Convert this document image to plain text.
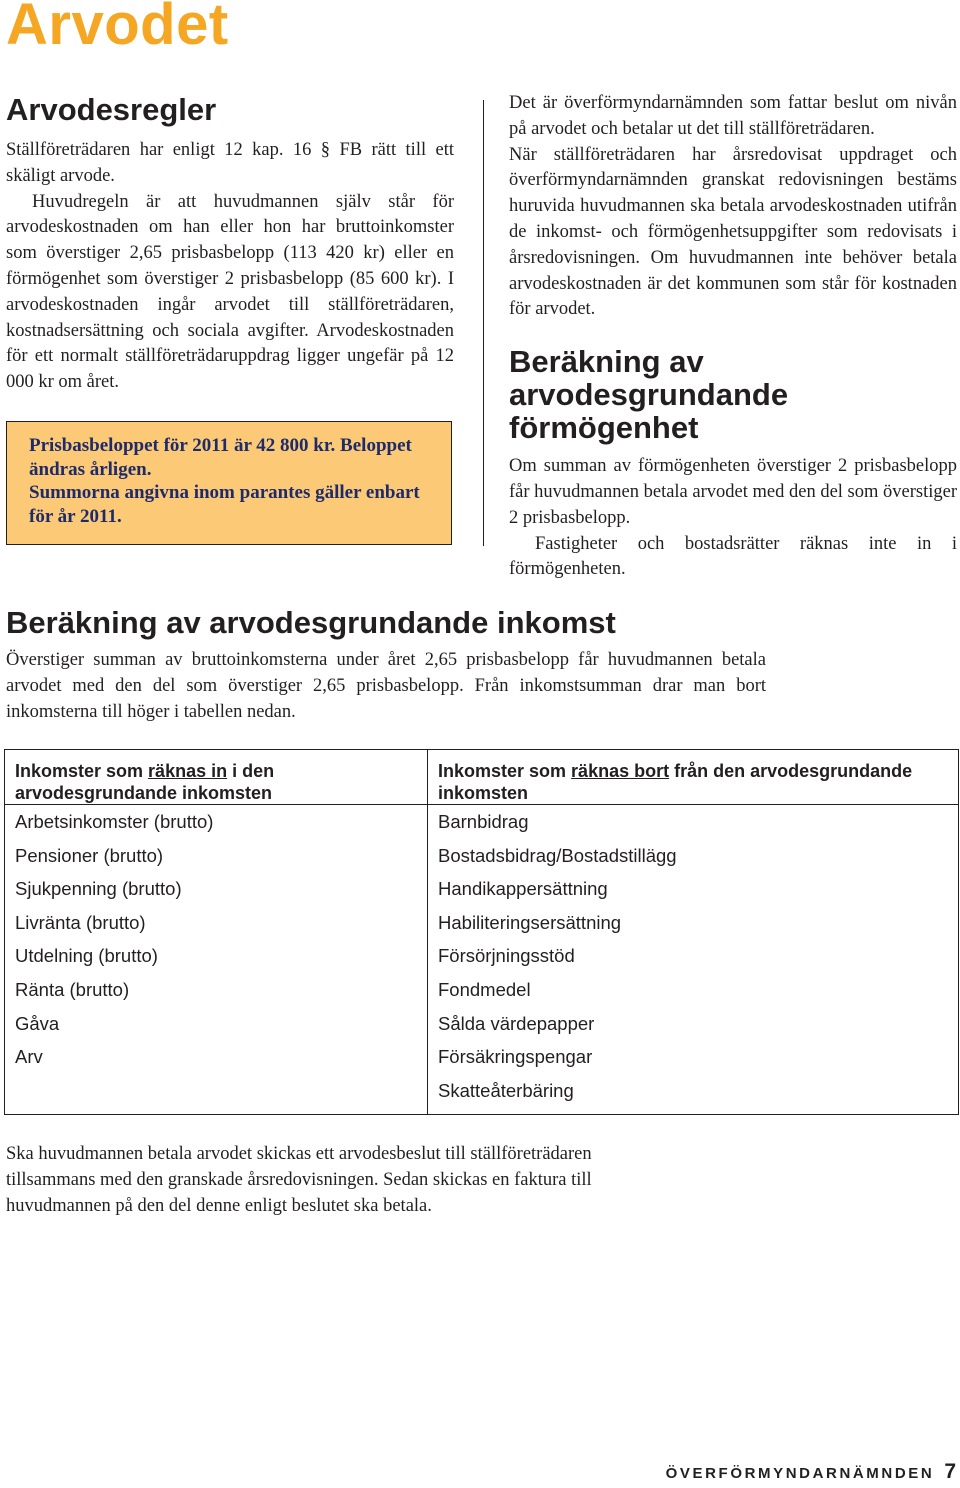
Arvodet
Arvodesregler

Ställföreträdaren har enligt 12 kap. 16 § FB rätt till ett skäligt arvode.

Huvudregeln är att huvudmannen själv står för arvodeskostnaden om han eller hon har bruttoinkomster som överstiger 2,65 prisbasbelopp (113 420 kr) eller en förmögenhet som överstiger 2 prisbasbelopp (85 600 kr). I arvodeskostnaden ingår arvodet till ställföreträdaren, kostnadsersättning och sociala avgifter. Arvodeskostnaden för ett normalt ställföreträdaruppdrag ligger ungefär på 12 000 kr om året.

Prisbasbeloppet för 2011 är 42 800 kr. Beloppet ändras årligen.

Summorna angivna inom parantes gäller enbart för år 2011.

Det är överförmyndarnämnden som fattar beslut om nivån på arvodet och betalar ut det till ställföreträdaren.

När ställföreträdaren har årsredovisat uppdraget och överförmyndarnämnden granskat redovisningen bestäms huruvida huvudmannen ska betala arvodeskostnaden utifrån de inkomst- och förmögenhetsuppgifter som redovisats i årsredovisningen. Om huvudmannen inte behöver betala arvodeskostnaden är det kommunen som står för kostnaden för arvodet.

Beräkning av arvodesgrundande förmögenhet

Om summan av förmögenheten överstiger 2 prisbasbelopp får huvudmannen betala arvodet med den del som överstiger 2 prisbasbelopp.

Fastigheter och bostadsrätter räknas inte in i förmögenheten.

Beräkning av arvodesgrundande inkomst

Överstiger summan av bruttoinkomsterna under året 2,65 prisbasbelopp får huvudmannen betala arvodet med den del som överstiger 2,65 prisbasbelopp. Från inkomstsumman drar man bort inkomsterna till höger i tabellen nedan.

Inkomster som räknas in i den arvodesgrundande inkomsten	Inkomster som räknas bort från den arvodesgrundande inkomsten
Arbetsinkomster (brutto)	Barnbidrag
Pensioner (brutto)	Bostadsbidrag/Bostadstillägg
Sjukpenning (brutto)	Handikappersättning
Livränta (brutto)	Habiliteringsersättning
Utdelning (brutto)	Försörjningsstöd
Ränta (brutto)	Fondmedel
Gåva	Sålda värdepapper
Arv	Försäkringspengar
	Skatteåterbäring

Ska huvudmannen betala arvodet skickas ett arvodesbeslut till ställföreträdaren tillsammans med den granskade årsredovisningen. Sedan skickas en faktura till huvudmannen på den del denne enligt beslutet ska betala.

ÖVERFÖRMYNDARNÄMNDEN 7
